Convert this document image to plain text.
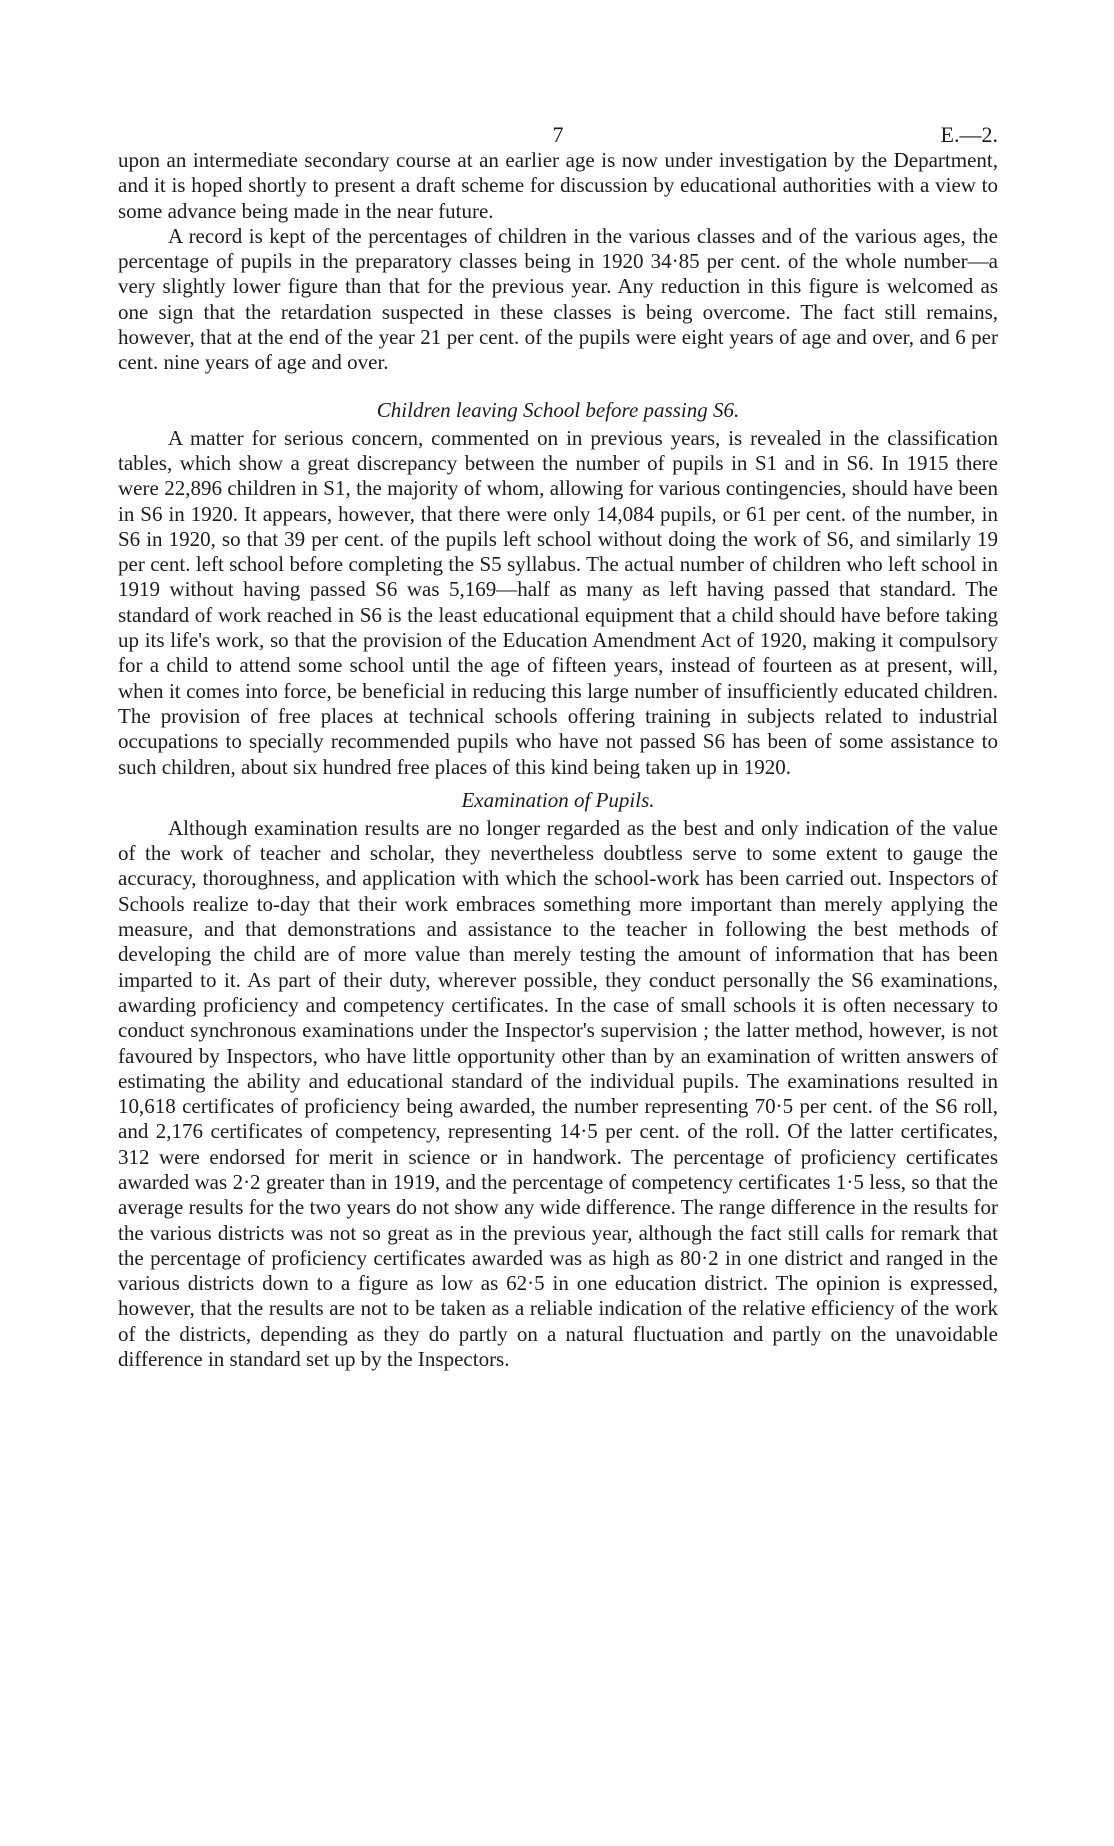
7	E.—2.

upon an intermediate secondary course at an earlier age is now under investigation by the Department, and it is hoped shortly to present a draft scheme for discussion by educational authorities with a view to some advance being made in the near future.

A record is kept of the percentages of children in the various classes and of the various ages, the percentage of pupils in the preparatory classes being in 1920 34·85 per cent. of the whole number—a very slightly lower figure than that for the previous year. Any reduction in this figure is welcomed as one sign that the retardation suspected in these classes is being overcome. The fact still remains, however, that at the end of the year 21 per cent. of the pupils were eight years of age and over, and 6 per cent. nine years of age and over.

Children leaving School before passing S6.

A matter for serious concern, commented on in previous years, is revealed in the classification tables, which show a great discrepancy between the number of pupils in S1 and in S6. In 1915 there were 22,896 children in S1, the majority of whom, allowing for various contingencies, should have been in S6 in 1920. It appears, however, that there were only 14,084 pupils, or 61 per cent. of the number, in S6 in 1920, so that 39 per cent. of the pupils left school without doing the work of S6, and similarly 19 per cent. left school before completing the S5 syllabus. The actual number of children who left school in 1919 without having passed S6 was 5,169—half as many as left having passed that standard. The standard of work reached in S6 is the least educational equipment that a child should have before taking up its life's work, so that the provision of the Education Amendment Act of 1920, making it compulsory for a child to attend some school until the age of fifteen years, instead of fourteen as at present, will, when it comes into force, be beneficial in reducing this large number of insufficiently educated children. The provision of free places at technical schools offering training in subjects related to industrial occupations to specially recommended pupils who have not passed S6 has been of some assistance to such children, about six hundred free places of this kind being taken up in 1920.

Examination of Pupils.

Although examination results are no longer regarded as the best and only indication of the value of the work of teacher and scholar, they nevertheless doubtless serve to some extent to gauge the accuracy, thoroughness, and application with which the school-work has been carried out. Inspectors of Schools realize to-day that their work embraces something more important than merely applying the measure, and that demonstrations and assistance to the teacher in following the best methods of developing the child are of more value than merely testing the amount of information that has been imparted to it. As part of their duty, wherever possible, they conduct personally the S6 examinations, awarding proficiency and competency certificates. In the case of small schools it is often necessary to conduct synchronous examinations under the Inspector's supervision ; the latter method, however, is not favoured by Inspectors, who have little opportunity other than by an examination of written answers of estimating the ability and educational standard of the individual pupils. The examinations resulted in 10,618 certificates of proficiency being awarded, the number representing 70·5 per cent. of the S6 roll, and 2,176 certificates of competency, representing 14·5 per cent. of the roll. Of the latter certificates, 312 were endorsed for merit in science or in handwork. The percentage of proficiency certificates awarded was 2·2 greater than in 1919, and the percentage of competency certificates 1·5 less, so that the average results for the two years do not show any wide difference. The range difference in the results for the various districts was not so great as in the previous year, although the fact still calls for remark that the percentage of proficiency certificates awarded was as high as 80·2 in one district and ranged in the various districts down to a figure as low as 62·5 in one education district. The opinion is expressed, however, that the results are not to be taken as a reliable indication of the relative efficiency of the work of the districts, depending as they do partly on a natural fluctuation and partly on the unavoidable difference in standard set up by the Inspectors.
